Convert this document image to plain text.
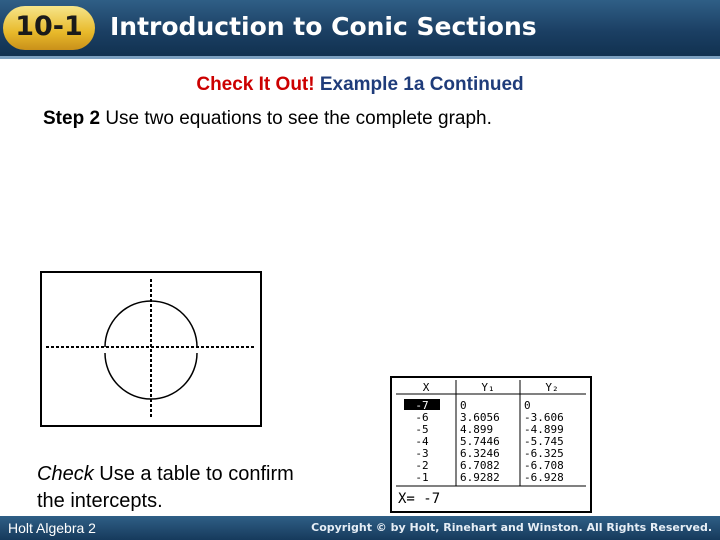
10-1	Introduction to Conic Sections
Check It Out! Example 1a Continued
Step 2 Use two equations to see the complete graph.
X	Y₁	Y₂
-7	0	0
-6	3.6056 -3.606
-5	4.899	-4.899
-4	5.7446 -5.745
-3	6.3246 -6.325
-2	6.7082 -6.708
-1	6.9282 -6.928
X= -7
Check Use a table to confirm the intercepts.
Holt Algebra 2	Copyright © by Holt, Rinehart and Winston. All Rights Reserved.
